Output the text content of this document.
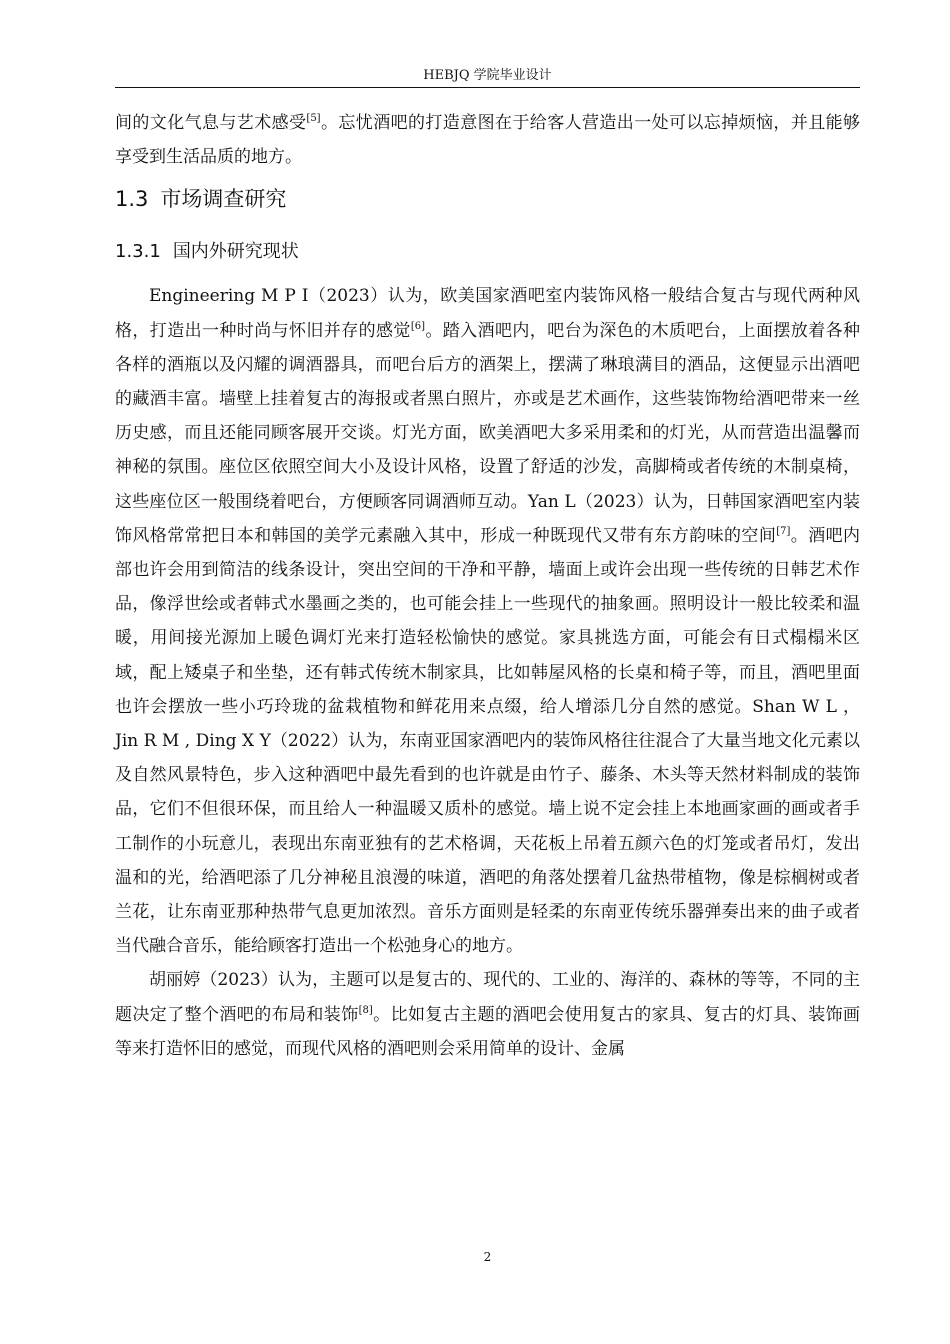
HEBJQ 学院毕业设计

间的文化气息与艺术感受[5]。忘忧酒吧的打造意图在于给客人营造出一处可以忘掉烦恼，并且能够享受到生活品质的地方。

1.3 市场调查研究
1.3.1 国内外研究现状

Engineering M P I（2023）认为，欧美国家酒吧室内装饰风格一般结合复古与现代两种风格，打造出一种时尚与怀旧并存的感觉[6]。踏入酒吧内，吧台为深色的木质吧台，上面摆放着各种各样的酒瓶以及闪耀的调酒器具，而吧台后方的酒架上，摆满了琳琅满目的酒品，这便显示出酒吧的藏酒丰富。墙壁上挂着复古的海报或者黑白照片，亦或是艺术画作，这些装饰物给酒吧带来一丝历史感，而且还能同顾客展开交谈。灯光方面，欧美酒吧大多采用柔和的灯光，从而营造出温馨而神秘的氛围。座位区依照空间大小及设计风格，设置了舒适的沙发，高脚椅或者传统的木制桌椅，这些座位区一般围绕着吧台，方便顾客同调酒师互动。Yan L（2023）认为，日韩国家酒吧室内装饰风格常常把日本和韩国的美学元素融入其中，形成一种既现代又带有东方韵味的空间[7]。酒吧内部也许会用到简洁的线条设计，突出空间的干净和平静，墙面上或许会出现一些传统的日韩艺术作品，像浮世绘或者韩式水墨画之类的，也可能会挂上一些现代的抽象画。照明设计一般比较柔和温暖，用间接光源加上暖色调灯光来打造轻松愉快的感觉。家具挑选方面，可能会有日式榻榻米区域，配上矮桌子和坐垫，还有韩式传统木制家具，比如韩屋风格的长桌和椅子等，而且，酒吧里面也许会摆放一些小巧玲珑的盆栽植物和鲜花用来点缀，给人增添几分自然的感觉。Shan W L ， Jin R M , Ding X Y（2022）认为，东南亚国家酒吧内的装饰风格往往混合了大量当地文化元素以及自然风景特色，步入这种酒吧中最先看到的也许就是由竹子、藤条、木头等天然材料制成的装饰品，它们不但很环保，而且给人一种温暖又质朴的感觉。墙上说不定会挂上本地画家画的画或者手工制作的小玩意儿，表现出东南亚独有的艺术格调，天花板上吊着五颜六色的灯笼或者吊灯，发出温和的光，给酒吧添了几分神秘且浪漫的味道，酒吧的角落处摆着几盆热带植物，像是棕榈树或者兰花，让东南亚那种热带气息更加浓烈。音乐方面则是轻柔的东南亚传统乐器弹奏出来的曲子或者当代融合音乐，能给顾客打造出一个松弛身心的地方。

胡丽婷（2023）认为，主题可以是复古的、现代的、工业的、海洋的、森林的等等，不同的主题决定了整个酒吧的布局和装饰[8]。比如复古主题的酒吧会使用复古的家具、复古的灯具、装饰画等来打造怀旧的感觉，而现代风格的酒吧则会采用简单的设计、金属

2
